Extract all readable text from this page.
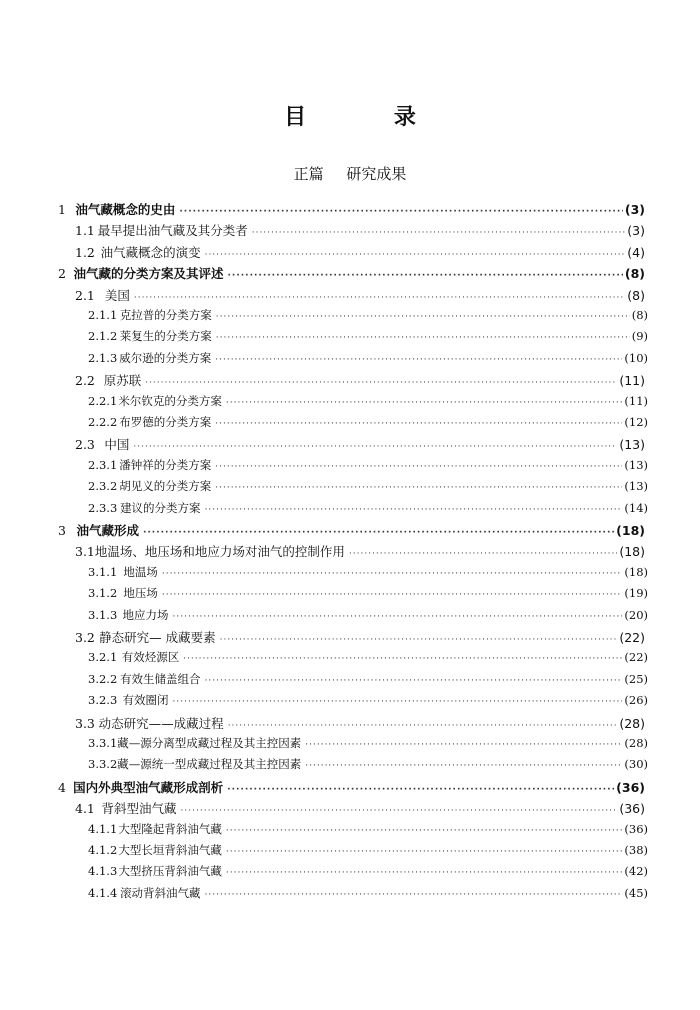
目 录
正篇 研究成果
1 油气藏概念的史由 ·····	(3)
1.1 最早提出油气藏及其分类者 ·····	(3)
1.2 油气藏概念的演变 ·····	(4)
2 油气藏的分类方案及其评述 ·····	(8)
2.1 美国 ·····	(8)
2.1.1 克拉普的分类方案 ·····	(8)
2.1.2 莱复生的分类方案 ·····	(9)
2.1.3 威尔逊的分类方案 ·····	(10)
2.2 原苏联 ·····	(11)
2.2.1 米尔钦克的分类方案 ·····	(11)
2.2.2 布罗德的分类方案 ·····	(12)
2.3 中国 ·····	(13)
2.3.1 潘钟祥的分类方案 ·····	(13)
2.3.2 胡见义的分类方案 ·····	(13)
2.3.3 建议的分类方案 ·····	(14)
3 油气藏形成 ·····	(18)
3.1 地温场、地压场和地应力场对油气的控制作用 ·····	(18)
3.1.1 地温场 ·····	(18)
3.1.2 地压场 ·····	(19)
3.1.3 地应力场 ·····	(20)
3.2 静态研究— 成藏要素 ·····	(22)
3.2.1 有效烃源区 ·····	(22)
3.2.2 有效生储盖组合 ·····	(25)
3.2.3 有效圈闭 ·····	(26)
3.3 动态研究——成藏过程 ·····	(28)
3.3.1 藏—源分离型成藏过程及其主控因素 ·····	(28)
3.3.2 藏—源统一型成藏过程及其主控因素 ·····	(30)
4 国内外典型油气藏形成剖析 ·····	(36)
4.1 背斜型油气藏 ·····	(36)
4.1.1 大型隆起背斜油气藏 ·····	(36)
4.1.2 大型长垣背斜油气藏 ·····	(38)
4.1.3 大型挤压背斜油气藏 ·····	(42)
4.1.4 滚动背斜油气藏 ·····	(45)
